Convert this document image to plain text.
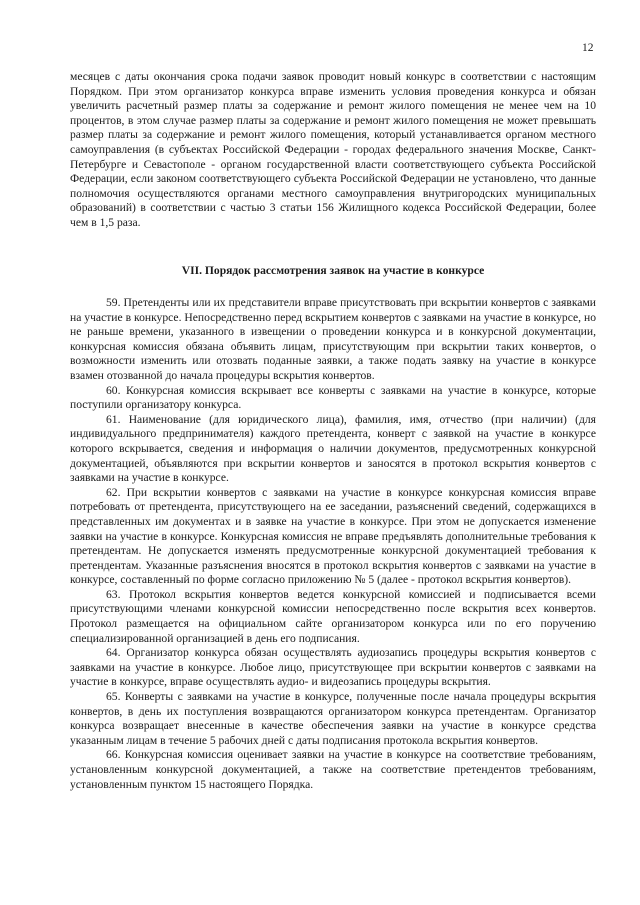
12

месяцев с даты окончания срока подачи заявок проводит новый конкурс в соответствии с настоящим Порядком. При этом организатор конкурса вправе изменить условия проведения конкурса и обязан увеличить расчетный размер платы за содержание и ремонт жилого помещения не менее чем на 10 процентов, в этом случае размер платы за содержание и ремонт жилого помещения не может превышать размер платы за содержание и ремонт жилого помещения, который устанавливается органом местного самоуправления (в субъектах Российской Федерации - городах федерального значения Москве, Санкт-Петербурге и Севастополе - органом государственной власти соответствующего субъекта Российской Федерации, если законом соответствующего субъекта Российской Федерации не установлено, что данные полномочия осуществляются органами местного самоуправления внутригородских муниципальных образований) в соответствии с частью 3 статьи 156 Жилищного кодекса Российской Федерации, более чем в 1,5 раза.

VII. Порядок рассмотрения заявок на участие в конкурсе

59. Претенденты или их представители вправе присутствовать при вскрытии конвертов с заявками на участие в конкурсе. Непосредственно перед вскрытием конвертов с заявками на участие в конкурсе, но не раньше времени, указанного в извещении о проведении конкурса и в конкурсной документации, конкурсная комиссия обязана объявить лицам, присутствующим при вскрытии таких конвертов, о возможности изменить или отозвать поданные заявки, а также подать заявку на участие в конкурсе взамен отозванной до начала процедуры вскрытия конвертов.

60. Конкурсная комиссия вскрывает все конверты с заявками на участие в конкурсе, которые поступили организатору конкурса.

61. Наименование (для юридического лица), фамилия, имя, отчество (при наличии) (для индивидуального предпринимателя) каждого претендента, конверт с заявкой на участие в конкурсе которого вскрывается, сведения и информация о наличии документов, предусмотренных конкурсной документацией, объявляются при вскрытии конвертов и заносятся в протокол вскрытия конвертов с заявками на участие в конкурсе.

62. При вскрытии конвертов с заявками на участие в конкурсе конкурсная комиссия вправе потребовать от претендента, присутствующего на ее заседании, разъяснений сведений, содержащихся в представленных им документах и в заявке на участие в конкурсе. При этом не допускается изменение заявки на участие в конкурсе. Конкурсная комиссия не вправе предъявлять дополнительные требования к претендентам. Не допускается изменять предусмотренные конкурсной документацией требования к претендентам. Указанные разъяснения вносятся в протокол вскрытия конвертов с заявками на участие в конкурсе, составленный по форме согласно приложению № 5 (далее - протокол вскрытия конвертов).

63. Протокол вскрытия конвертов ведется конкурсной комиссией и подписывается всеми присутствующими членами конкурсной комиссии непосредственно после вскрытия всех конвертов. Протокол размещается на официальном сайте организатором конкурса или по его поручению специализированной организацией в день его подписания.

64. Организатор конкурса обязан осуществлять аудиозапись процедуры вскрытия конвертов с заявками на участие в конкурсе. Любое лицо, присутствующее при вскрытии конвертов с заявками на участие в конкурсе, вправе осуществлять аудио- и видеозапись процедуры вскрытия.

65. Конверты с заявками на участие в конкурсе, полученные после начала процедуры вскрытия конвертов, в день их поступления возвращаются организатором конкурса претендентам. Организатор конкурса возвращает внесенные в качестве обеспечения заявки на участие в конкурсе средства указанным лицам в течение 5 рабочих дней с даты подписания протокола вскрытия конвертов.

66. Конкурсная комиссия оценивает заявки на участие в конкурсе на соответствие требованиям, установленным конкурсной документацией, а также на соответствие претендентов требованиям, установленным пунктом 15 настоящего Порядка.
